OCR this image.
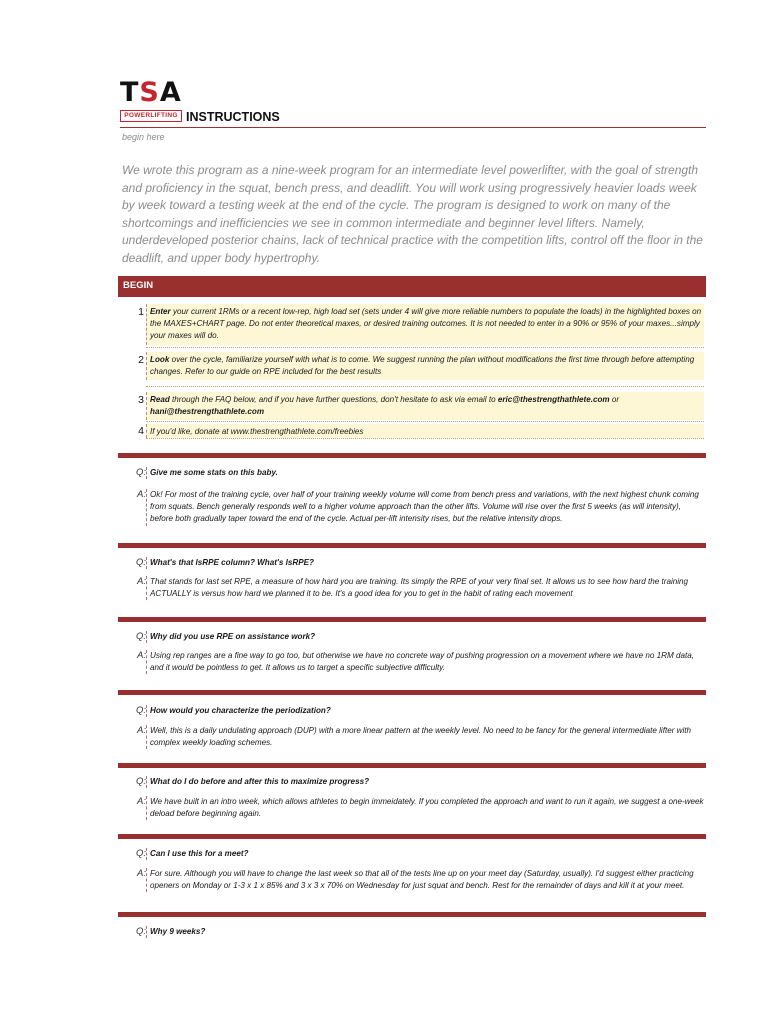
TSA
POWERLIFTING INSTRUCTIONS
begin here
We wrote this program as a nine-week program for an intermediate level powerlifter, with the goal of strength and proficiency in the squat, bench press, and deadlift. You will work using progressively heavier loads week by week toward a testing week at the end of the cycle. The program is designed to work on many of the shortcomings and inefficiencies we see in common intermediate and beginner level lifters. Namely, underdeveloped posterior chains, lack of technical practice with the competition lifts, control off the floor in the deadlift, and upper body hypertrophy.
BEGIN
1 Enter your current 1RMs or a recent low-rep, high load set (sets under 4 will give more reliable numbers to populate the loads) in the highlighted boxes on the MAXES+CHART page. Do not enter theoretical maxes, or desired training outcomes. It is not needed to enter in a 90% or 95% of your maxes...simply your maxes will do.
2 Look over the cycle, familiarize yourself with what is to come. We suggest running the plan without modifications the first time through before attempting changes. Refer to our guide on RPE included for the best results
3 Read through the FAQ below, and if you have further questions, don't hesitate to ask via email to eric@thestrengthathlete.com or hani@thestrengthathlete.com
4 If you'd like, donate at www.thestrengthathlete.com/freebies
Q: Give me some stats on this baby.
A: Ok! For most of the training cycle, over half of your training weekly volume will come from bench press and variations, with the next highest chunk coming from squats. Bench generally responds well to a higher volume approach than the other lifts. Volume will rise over the first 5 weeks (as will intensity), before both gradually taper toward the end of the cycle. Actual per-lift intensity rises, but the relative intensity drops.
Q: What's that lsRPE column? What's lsRPE?
A: That stands for last set RPE, a measure of how hard you are training. Its simply the RPE of your very final set. It allows us to see how hard the training ACTUALLY is versus how hard we planned it to be. It's a good idea for you to get in the habit of rating each movement
Q: Why did you use RPE on assistance work?
A: Using rep ranges are a fine way to go too, but otherwise we have no concrete way of pushing progression on a movement where we have no 1RM data, and it would be pointless to get. It allows us to target a specific subjective difficulty.
Q: How would you characterize the periodization?
A: Well, this is a daily undulating approach (DUP) with a more linear pattern at the weekly level. No need to be fancy for the general intermediate lifter with complex weekly loading schemes.
Q: What do I do before and after this to maximize progress?
A: We have built in an intro week, which allows athletes to begin immeidately. If you completed the approach and want to run it again, we suggest a one-week deload before beginning again.
Q: Can I use this for a meet?
A: For sure. Although you will have to change the last week so that all of the tests line up on your meet day (Saturday, usually). I'd suggest either practicing openers on Monday or 1-3 x 1 x 85% and 3 x 3 x 70% on Wednesday for just squat and bench. Rest for the remainder of days and kill it at your meet.
Q: Why 9 weeks?
